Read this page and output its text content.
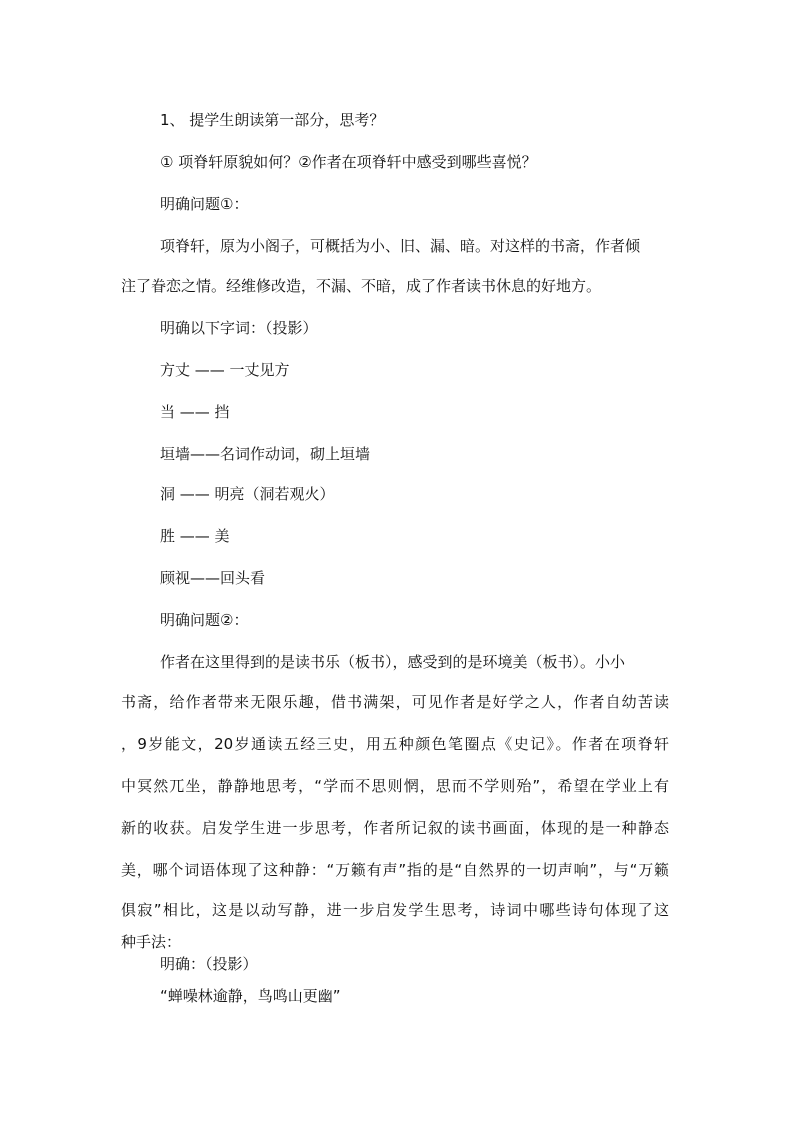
1、 提学生朗读第一部分，思考？
① 项脊轩原貌如何？②作者在项脊轩中感受到哪些喜悦？
明确问题①：
项脊轩，原为小阁子，可概括为小、旧、漏、暗。对这样的书斋，作者倾
注了眷恋之情。经维修改造，不漏、不暗，成了作者读书休息的好地方。
明确以下字词：（投影）
方丈 —— 一丈见方
当 —— 挡
垣墙——名词作动词，砌上垣墙
洞 —— 明亮（洞若观火）
胜 —— 美
顾视——回头看
明确问题②：
作者在这里得到的是读书乐（板书），感受到的是环境美（板书）。小小
书斋，给作者带来无限乐趣，借书满架，可见作者是好学之人，作者自幼苦读
，9岁能文，20岁通读五经三史，用五种颜色笔圈点《史记》。作者在项脊轩
中冥然兀坐，静静地思考，“学而不思则惘，思而不学则殆”，希望在学业上有
新的收获。启发学生进一步思考，作者所记叙的读书画面，体现的是一种静态
美，哪个词语体现了这种静：“万籁有声”指的是“自然界的一切声响”，与“万籁
俱寂”相比，这是以动写静，进一步启发学生思考，诗词中哪些诗句体现了这
种手法：
明确：（投影）
“蝉噪林逾静，鸟鸣山更幽”
